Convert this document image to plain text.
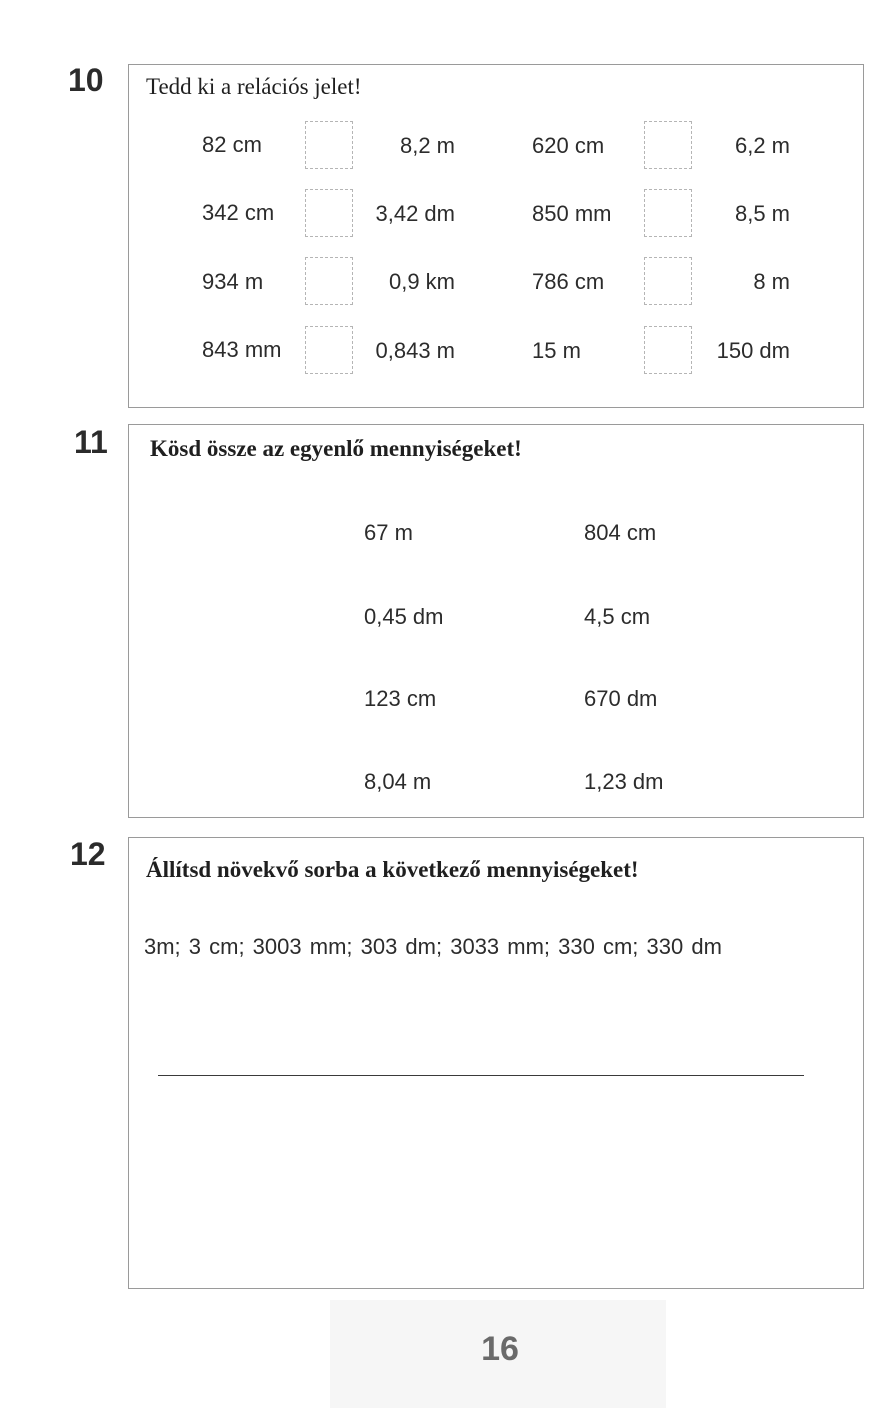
10 Tedd ki a relációs jelet!
82 cm	8,2 m	620 cm	6,2 m
342 cm	3,42 dm	850 mm	8,5 m
934 m	0,9 km	786 cm	8 m
843 mm	0,843 m	15 m	150 dm
11 Kösd össze az egyenlő mennyiségeket!
67 m
0,45 dm
123 cm
8,04 m
804 cm
4,5 cm
670 dm
1,23 dm
12 Állítsd növekvő sorba a következő mennyiségeket!
3m; 3 cm; 3003 mm; 303 dm; 3033 mm; 330 cm; 330 dm
16
